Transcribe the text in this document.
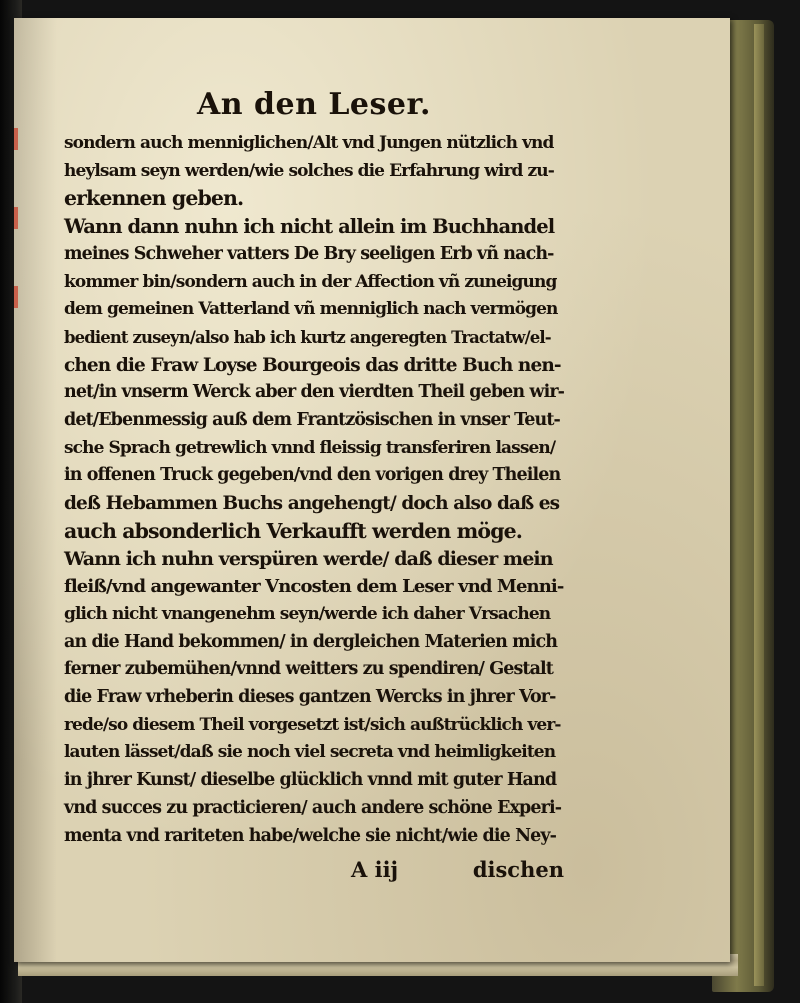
An den Leser.

sondern auch menniglichen/Alt vnd Jungen nützlich vnd

heylsam seyn werden/wie solches die Erfahrung wird zu-

erkennen geben.

Wann dann nuhn ich nicht allein im Buchhandel

meines Schweher vatters De Bry seeligen Erb vñ nach-

kommer bin/sondern auch in der Affection vñ zuneigung

dem gemeinen Vatterland vñ menniglich nach vermögen

bedient zuseyn/also hab ich kurtz angeregten Tractatw/el-

chen die Fraw Loyse Bourgeois das dritte Buch nen-

net/in vnserm Werck aber den vierdten Theil geben wir-

det/Ebenmessig auß dem Frantzösischen in vnser Teut-

sche Sprach getrewlich vnnd fleissig transferiren lassen/

in offenen Truck gegeben/vnd den vorigen drey Theilen

deß Hebammen Buchs angehengt/ doch also daß es

auch absonderlich Verkaufft werden möge.

Wann ich nuhn verspüren werde/ daß dieser mein

fleiß/vnd angewanter Vncosten dem Leser vnd Menni-

glich nicht vnangenehm seyn/werde ich daher Vrsachen

an die Hand bekommen/ in dergleichen Materien mich

ferner zubemühen/vnnd weitters zu spendiren/ Gestalt

die Fraw vrheberin dieses gantzen Wercks in jhrer Vor-

rede/so diesem Theil vorgesetzt ist/sich außtrücklich ver-

lauten lässet/daß sie noch viel secreta vnd heimligkeiten

in jhrer Kunst/ dieselbe glücklich vnnd mit guter Hand

vnd succes zu practicieren/ auch andere schöne Experi-

menta vnd rariteten habe/welche sie nicht/wie die Ney-

A iij	dischen
